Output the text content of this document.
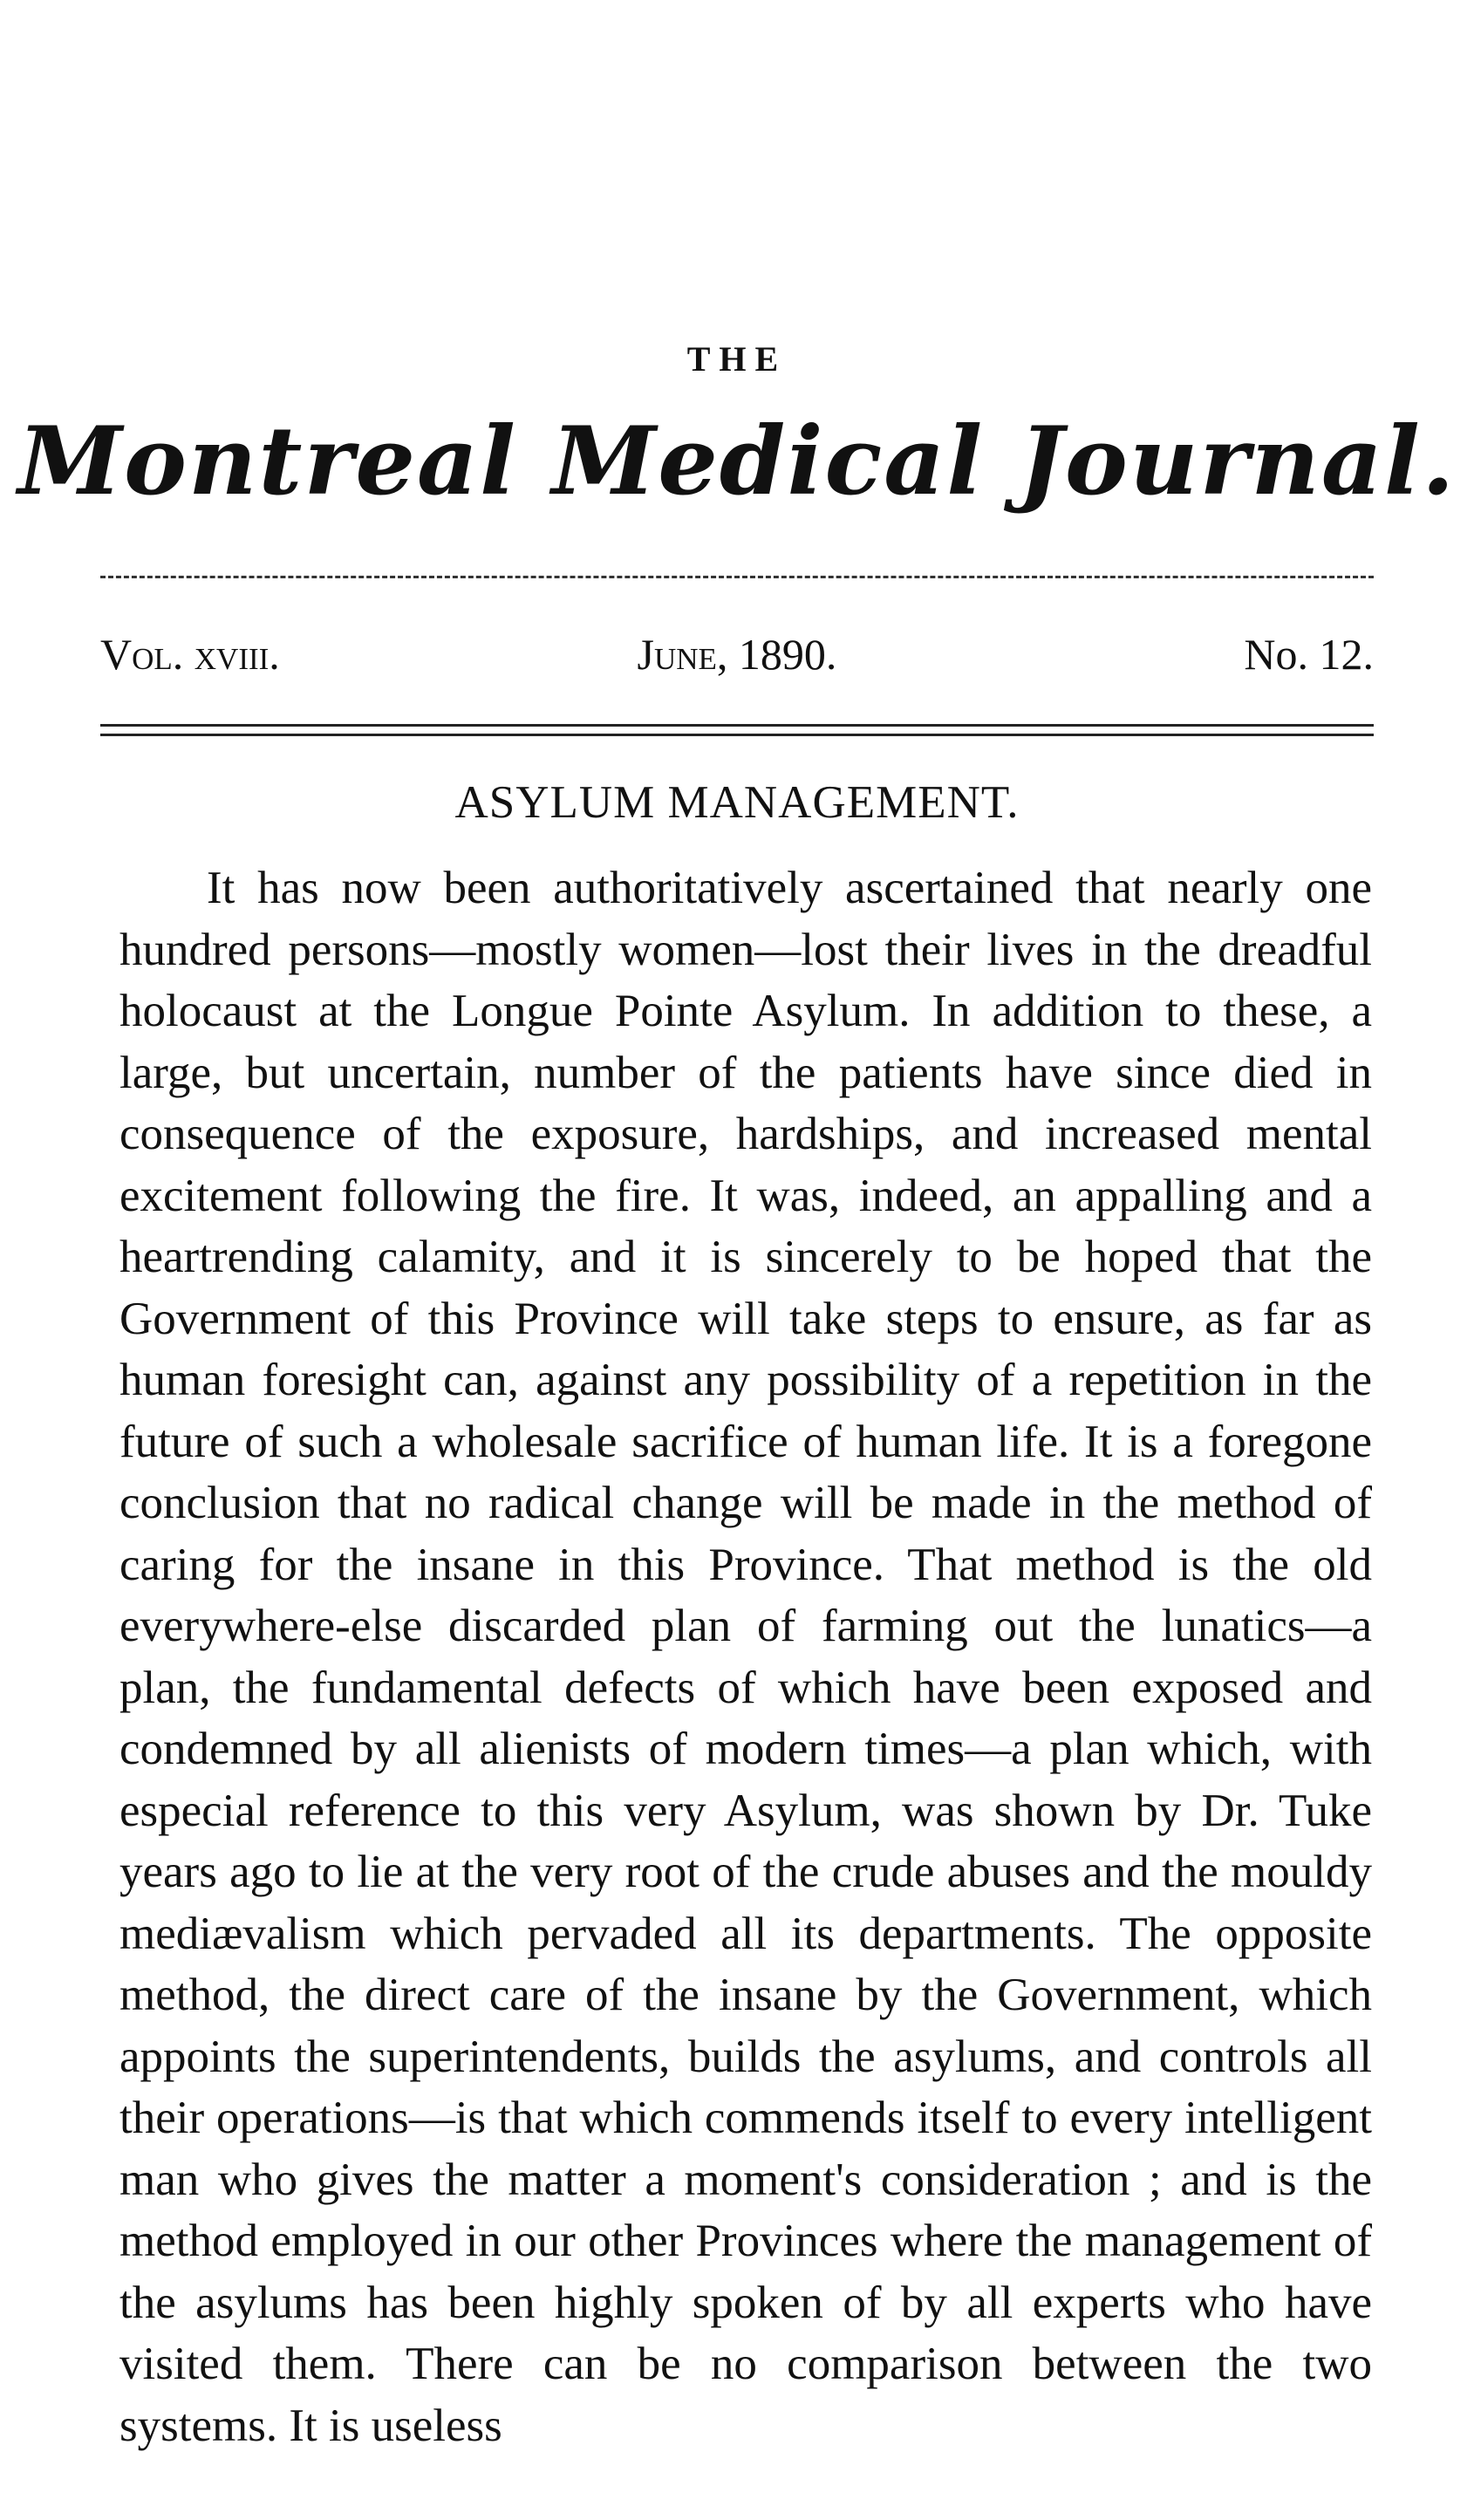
THE
Montreal Medical Journal.
Vol. xviii.	June, 1890.	No. 12.
ASYLUM MANAGEMENT.

It has now been authoritatively ascertained that nearly one hundred persons—mostly women—lost their lives in the dreadful holocaust at the Longue Pointe Asylum. In addition to these, a large, but uncertain, number of the patients have since died in consequence of the exposure, hardships, and increased mental excitement following the fire. It was, indeed, an appalling and a heartrending calamity, and it is sincerely to be hoped that the Government of this Province will take steps to ensure, as far as human foresight can, against any possibility of a repetition in the future of such a wholesale sacrifice of human life. It is a foregone conclusion that no radical change will be made in the method of caring for the insane in this Province. That method is the old everywhere-else discarded plan of farming out the lunatics—a plan, the fundamental defects of which have been exposed and condemned by all alienists of modern times—a plan which, with especial reference to this very Asylum, was shown by Dr. Tuke years ago to lie at the very root of the crude abuses and the mouldy mediævalism which pervaded all its departments. The opposite method, the direct care of the insane by the Government, which appoints the superintendents, builds the asylums, and controls all their operations—is that which commends itself to every intelligent man who gives the matter a moment's consideration ; and is the method employed in our other Provinces where the management of the asylums has been highly spoken of by all experts who have visited them. There can be no comparison between the two systems. It is useless
